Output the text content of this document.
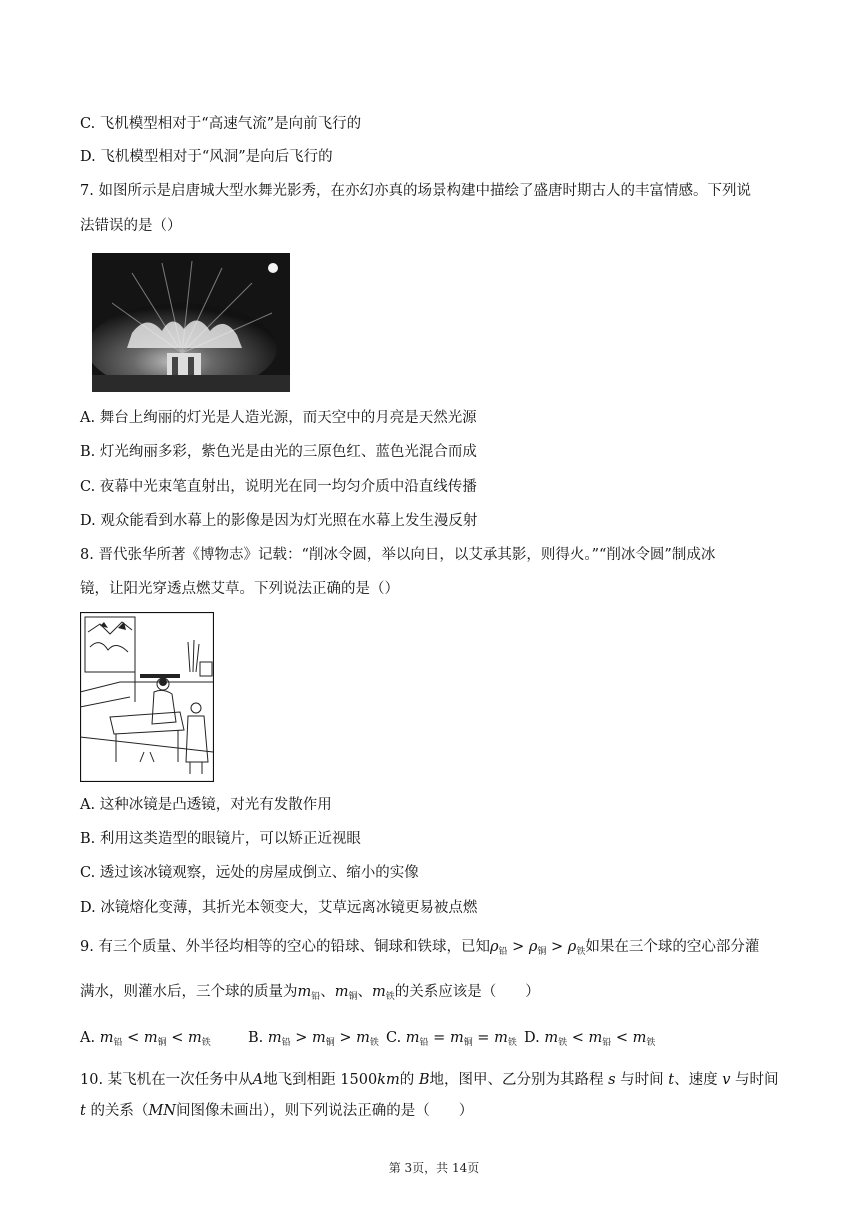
C. 飞机模型相对于“高速气流”是向前飞行的
D. 飞机模型相对于“风洞”是向后飞行的
7. 如图所示是启唐城大型水舞光影秀，在亦幻亦真的场景构建中描绘了盛唐时期古人的丰富情感。下列说
法错误的是（）
A. 舞台上绚丽的灯光是人造光源，而天空中的月亮是天然光源
B. 灯光绚丽多彩，紫色光是由光的三原色红、蓝色光混合而成
C. 夜幕中光束笔直射出，说明光在同一均匀介质中沿直线传播
D. 观众能看到水幕上的影像是因为灯光照在水幕上发生漫反射
8. 晋代张华所著《博物志》记载：“削冰令圆，举以向日，以艾承其影，则得火。”“削冰令圆”制成冰
镜，让阳光穿透点燃艾草。下列说法正确的是（）
A. 这种冰镜是凸透镜，对光有发散作用
B. 利用这类造型的眼镜片，可以矫正近视眼
C. 透过该冰镜观察，远处的房屋成倒立、缩小的实像
D. 冰镜熔化变薄，其折光本领变大，艾草远离冰镜更易被点燃
9. 有三个质量、外半径均相等的空心的铅球、铜球和铁球，已知$\rho_铅 > \rho_铜 > \rho_铁$如果在三个球的空心部分灌
满水，则灌水后，三个球的质量为$m_铅$、$m_铜$、$m_铁$的关系应该是（　　）
A. $m_铅 < m_铜 < m_铁$	B. $m_铅 > m_铜 > m_铁$ C. $m_铅 = m_铜 = m_铁$ D. $m_铁 < m_铅 < m_铁$
10. 某飞机在一次任务中从A地飞到相距 1500km的 B地，图甲、乙分别为其路程 s 与时间 t、速度 v 与时间
t 的关系（MN间图像未画出），则下列说法正确的是（　　）
第 3页，共 14页
